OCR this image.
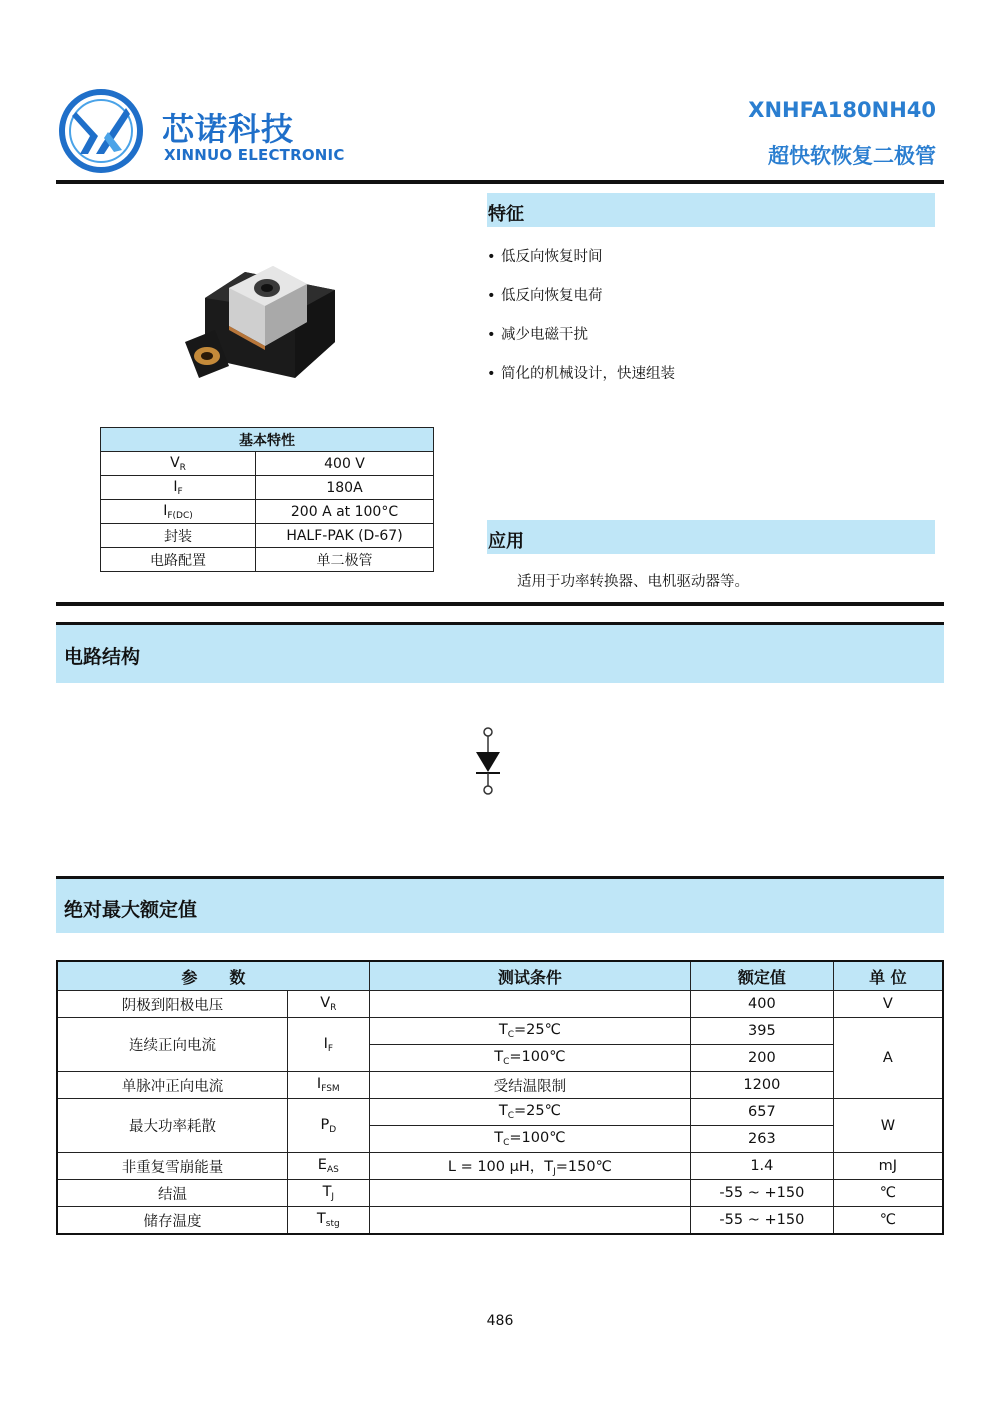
芯诺科技
XINNUO ELECTRONIC
XNHFA180NH40
超快软恢复二极管
基本特性	
$V_R$	400 V
$I_F$	180A
$I_{F(DC)}$	200 A at 100°C
封装	HALF-PAK (D-67)
电路配置	单二极管
特征
• 低反向恢复时间
• 低反向恢复电荷
• 减少电磁干扰
• 简化的机械设计，快速组装
应用
适用于功率转换器、电机驱动器等。
电路结构
绝对最大额定值
参　　数		测试条件	额定值	单 位
阴极到阳极电压	$V_R$		400	V
连续正向电流	$I_F$	$T_C=25℃$	395	A
		$T_C=100℃$	200	
单脉冲正向电流	$I_{FSM}$	受结温限制	1200	
最大功率耗散	$P_D$	$T_C=25℃$	657	W
		$T_C=100℃$	263	
非重复雪崩能量	$E_{AS}$	L = 100 μH，$T_J=150℃$	1.4	mJ
结温	$T_J$		-55 ~ +150	℃
储存温度	$T_{stg}$		-55 ~ +150	℃
486
